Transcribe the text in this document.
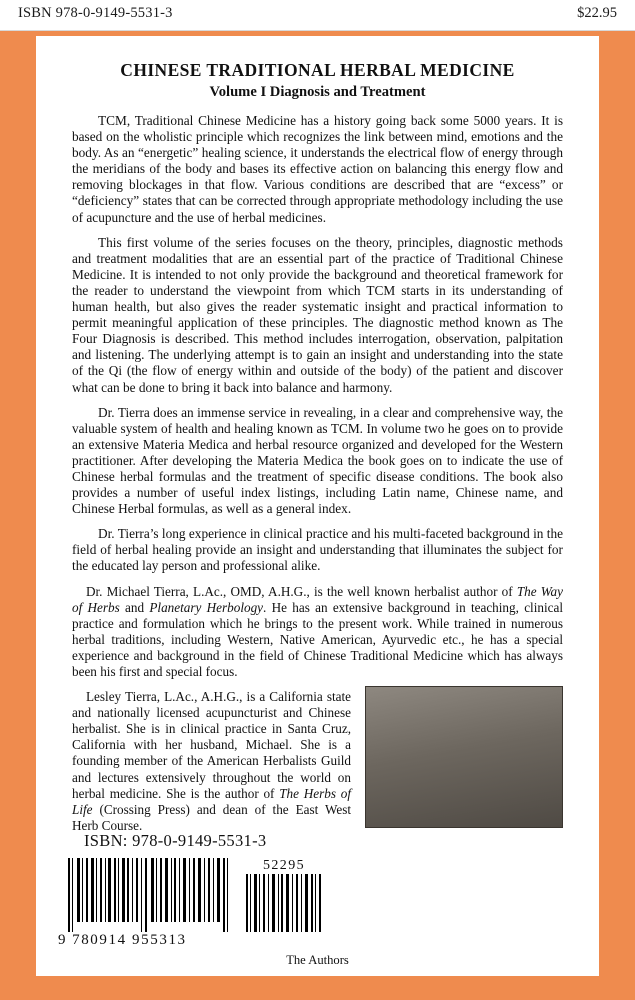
ISBN 978-0-9149-5531-3	$22.95
CHINESE TRADITIONAL HERBAL MEDICINE
Volume I Diagnosis and Treatment

TCM, Traditional Chinese Medicine has a history going back some 5000 years. It is based on the wholistic principle which recognizes the link between mind, emotions and the body. As an “energetic” healing science, it understands the electrical flow of energy through the meridians of the body and bases its effective action on balancing this energy flow and removing blockages in that flow. Various conditions are described that are “excess” or “deficiency” states that can be corrected through appropriate methodology including the use of acupuncture and the use of herbal medicines.

This first volume of the series focuses on the theory, principles, diagnostic methods and treatment modalities that are an essential part of the practice of Traditional Chinese Medicine. It is intended to not only provide the background and theoretical framework for the reader to understand the viewpoint from which TCM starts in its understanding of human health, but also gives the reader systematic insight and practical information to permit meaningful application of these principles. The diagnostic method known as The Four Diagnosis is described. This method includes interrogation, observation, palpitation and listening. The underlying attempt is to gain an insight and understanding into the state of the Qi (the flow of energy within and outside of the body) of the patient and discover what can be done to bring it back into balance and harmony.

Dr. Tierra does an immense service in revealing, in a clear and comprehensive way, the valuable system of health and healing known as TCM. In volume two he goes on to provide an extensive Materia Medica and herbal resource organized and developed for the Western practitioner. After developing the Materia Medica the book goes on to indicate the use of Chinese herbal formulas and the treatment of specific disease conditions. The book also provides a number of useful index listings, including Latin name, Chinese name, and Chinese Herbal formulas, as well as a general index.

Dr. Tierra’s long experience in clinical practice and his multi-faceted background in the field of herbal healing provide an insight and understanding that illuminates the subject for the educated lay person and professional alike.

Dr. Michael Tierra, L.Ac., OMD, A.H.G., is the well known herbalist author of The Way of Herbs and Planetary Herbology. He has an extensive background in teaching, clinical practice and formulation which he brings to the present work. While trained in numerous herbal traditions, including Western, Native American, Ayurvedic etc., he has a special experience and background in the field of Chinese Traditional Medicine which has always been his first and special focus.

Lesley Tierra, L.Ac., A.H.G., is a California state and nationally licensed acupuncturist and Chinese herbalist. She is in clinical practice in Santa Cruz, California with her husband, Michael. She is a founding member of the American Herbalists Guild and lectures extensively throughout the world on herbal medicine. She is the author of The Herbs of Life (Crossing Press) and dean of the East West Herb Course.

The Authors
ISBN: 978-0-9149-5531-3
9 780914 955313
52295
